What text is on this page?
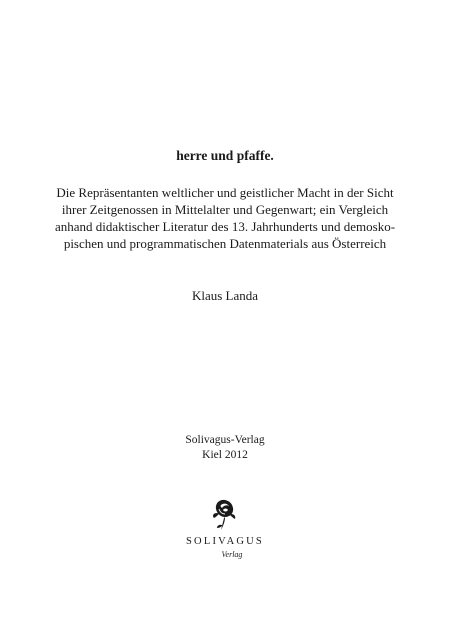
herre und pfaffe.
Die Repräsentanten weltlicher und geistlicher Macht in der Sicht
ihrer Zeitgenossen in Mittelalter und Gegenwart; ein Vergleich
anhand didaktischer Literatur des 13. Jahrhunderts und demosko-
pischen und programmatischen Datenmaterials aus Österreich
Klaus Landa
Solivagus-Verlag
Kiel 2012
SOLIVAGUS
Verlag
